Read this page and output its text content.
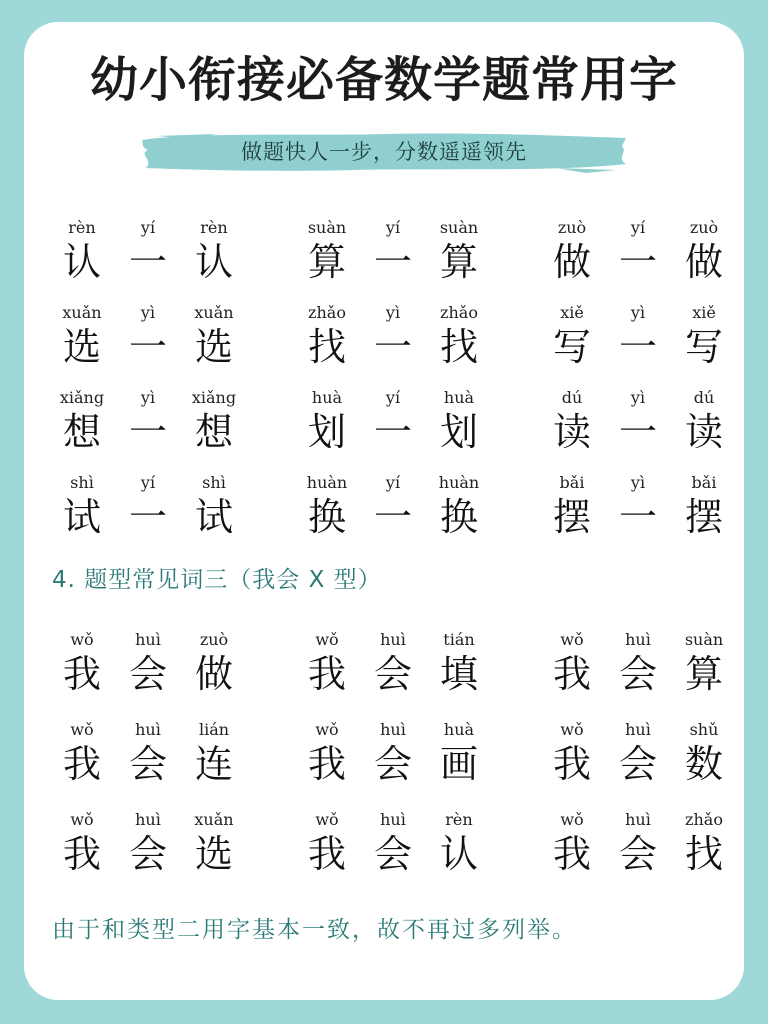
幼小衔接必备数学题常用字
做题快人一步，分数遥遥领先
rèn
认
yí
一
rèn
认
suàn
算
yí
一
suàn
算
zuò
做
yí
一
zuò
做
xuǎn
选
yì
一
xuǎn
选
zhǎo
找
yì
一
zhǎo
找
xiě
写
yì
一
xiě
写
xiǎng
想
yì
一
xiǎng
想
huà
划
yí
一
huà
划
dú
读
yì
一
dú
读
shì
试
yí
一
shì
试
huàn
换
yí
一
huàn
换
bǎi
摆
yì
一
bǎi
摆
4. 题型常见词三（我会 X 型）
wǒ
我
huì
会
zuò
做
wǒ
我
huì
会
tián
填
wǒ
我
huì
会
suàn
算
wǒ
我
huì
会
lián
连
wǒ
我
huì
会
huà
画
wǒ
我
huì
会
shǔ
数
wǒ
我
huì
会
xuǎn
选
wǒ
我
huì
会
rèn
认
wǒ
我
huì
会
zhǎo
找
由于和类型二用字基本一致，故不再过多列举。
